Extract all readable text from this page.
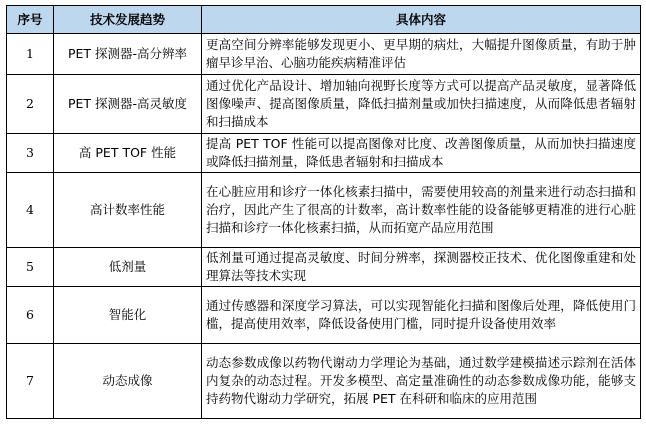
序号	技术发展趋势	具体内容
1	PET 探测器-高分辨率	更高空间分辨率能够发现更小、更早期的病灶，大幅提升图像质量，有助于肿瘤早诊早治、心脑功能疾病精准评估
2	PET 探测器-高灵敏度	通过优化产品设计、增加轴向视野长度等方式可以提高产品灵敏度，显著降低图像噪声、提高图像质量，降低扫描剂量或加快扫描速度，从而降低患者辐射和扫描成本
3	高 PET TOF 性能	提高 PET TOF 性能可以提高图像对比度、改善图像质量，从而加快扫描速度或降低扫描剂量，降低患者辐射和扫描成本
4	高计数率性能	在心脏应用和诊疗一体化核素扫描中，需要使用较高的剂量来进行动态扫描和治疗，因此产生了很高的计数率，高计数率性能的设备能够更精准的进行心脏扫描和诊疗一体化核素扫描，从而拓宽产品应用范围
5	低剂量	低剂量可通过提高灵敏度、时间分辨率，探测器校正技术、优化图像重建和处理算法等技术实现
6	智能化	通过传感器和深度学习算法，可以实现智能化扫描和图像后处理，降低使用门槛，提高使用效率，降低设备使用门槛，同时提升设备使用效率
7	动态成像	动态参数成像以药物代谢动力学理论为基础，通过数学建模描述示踪剂在活体内复杂的动态过程。开发多模型、高定量准确性的动态参数成像功能，能够支持药物代谢动力学研究，拓展 PET 在科研和临床的应用范围
